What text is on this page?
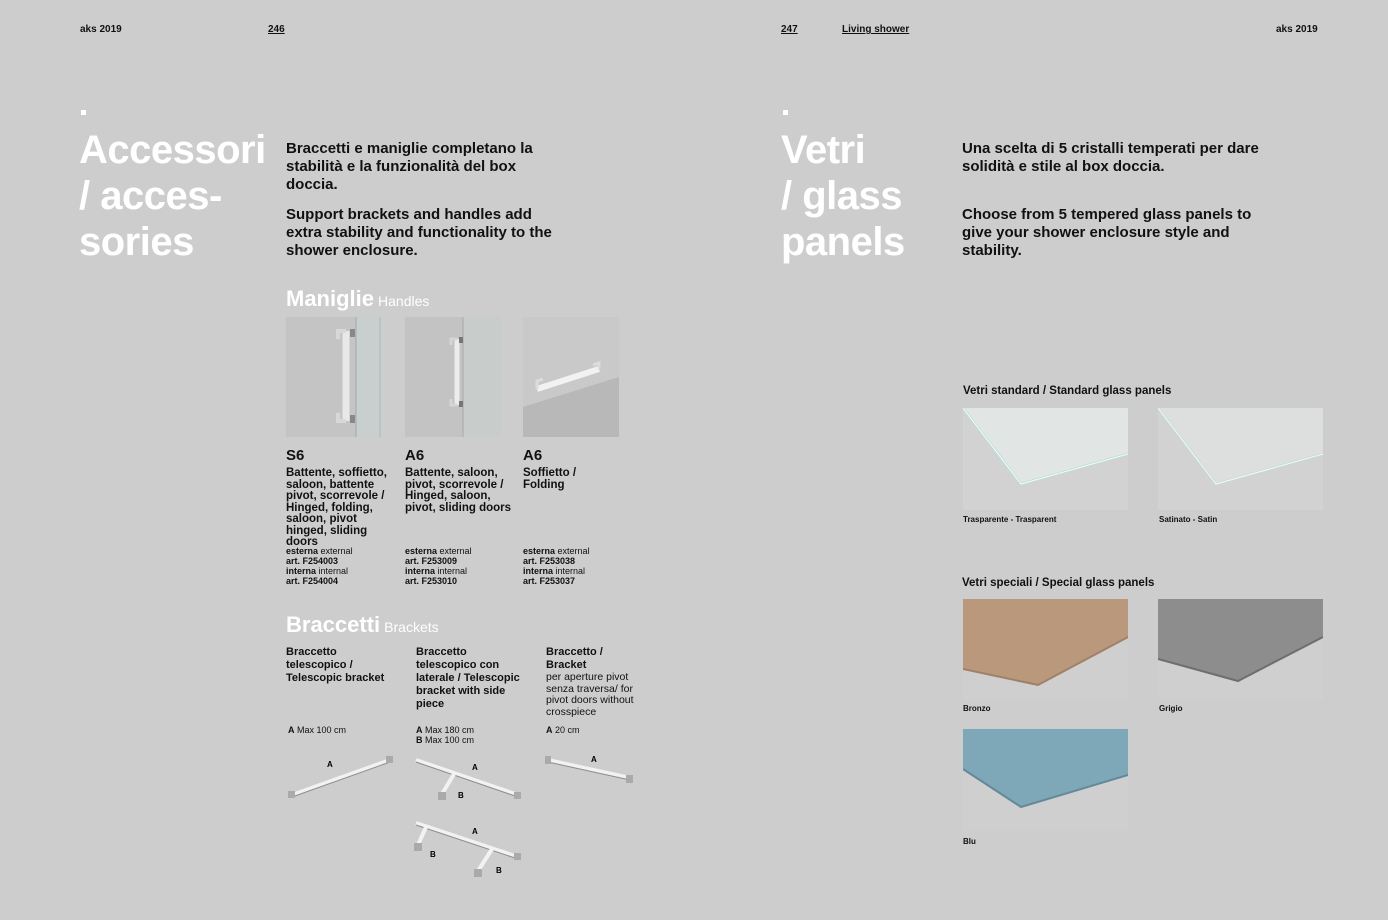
aks 2019	246	247	Living shower	aks 2019
Accessori
/ acces-
sories
Braccetti e maniglie completano la stabilità e la funzionalità del box doccia.
Support brackets and handles add extra stability and functionality to the shower enclosure.
Maniglie Handles
S6
Battente, soffietto, saloon, battente pivot, scorrevole / Hinged, folding, saloon, pivot hinged, sliding doors
esterna external
art. F254003
interna internal
art. F254004
A6
Battente, saloon, pivot, scorrevole / Hinged, saloon, pivot, sliding doors
esterna external
art. F253009
interna internal
art. F253010
A6
Soffietto / Folding
esterna external
art. F253038
interna internal
art. F253037
Braccetti Brackets
Braccetto telescopico / Telescopic bracket
Braccetto telescopico con laterale / Telescopic bracket with side piece
Braccetto / Bracket
per aperture pivot senza traversa/ for pivot doors without crosspiece
A Max 100 cm	A Max 180 cm
B Max 100 cm
A 20 cm
A	A
B
A
B
B
A
Vetri
/ glass
panels
Una scelta di 5 cristalli temperati per dare solidità e stile al box doccia.
Choose from 5 tempered glass panels to give your shower enclosure style and stability.
Vetri standard / Standard glass panels
Trasparente - Trasparent	Satinato - Satin
Vetri speciali / Special glass panels
Bronzo	Grigio
Blu
